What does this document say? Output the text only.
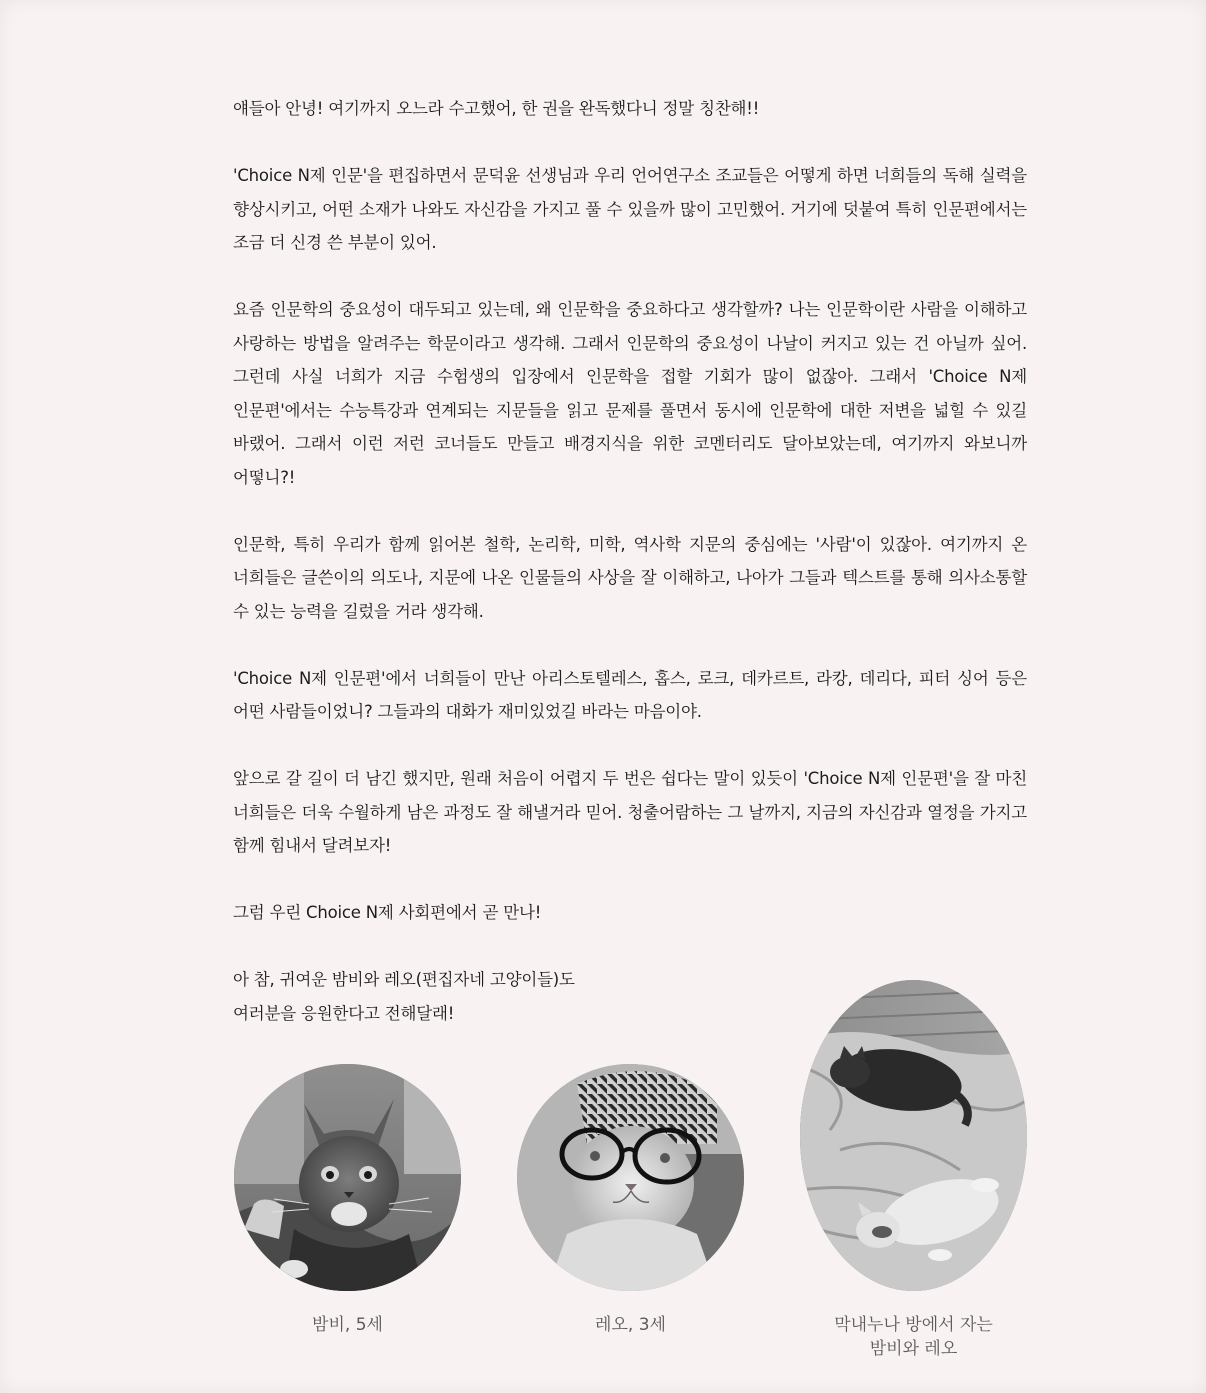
얘들아 안녕! 여기까지 오느라 수고했어, 한 권을 완독했다니 정말 칭찬해!!

'Choice N제 인문'을 편집하면서 문덕윤 선생님과 우리 언어연구소 조교들은 어떻게 하면 너희들의 독해 실력을 향상시키고, 어떤 소재가 나와도 자신감을 가지고 풀 수 있을까 많이 고민했어. 거기에 덧붙여 특히 인문편에서는 조금 더 신경 쓴 부분이 있어.

요즘 인문학의 중요성이 대두되고 있는데, 왜 인문학을 중요하다고 생각할까? 나는 인문학이란 사람을 이해하고 사랑하는 방법을 알려주는 학문이라고 생각해. 그래서 인문학의 중요성이 나날이 커지고 있는 건 아닐까 싶어. 그런데 사실 너희가 지금 수험생의 입장에서 인문학을 접할 기회가 많이 없잖아. 그래서 'Choice N제 인문편'에서는 수능특강과 연계되는 지문들을 읽고 문제를 풀면서 동시에 인문학에 대한 저변을 넓힐 수 있길 바랬어. 그래서 이런 저런 코너들도 만들고 배경지식을 위한 코멘터리도 달아보았는데, 여기까지 와보니까 어떻니?!

인문학, 특히 우리가 함께 읽어본 철학, 논리학, 미학, 역사학 지문의 중심에는 '사람'이 있잖아. 여기까지 온 너희들은 글쓴이의 의도나, 지문에 나온 인물들의 사상을 잘 이해하고, 나아가 그들과 텍스트를 통해 의사소통할 수 있는 능력을 길렀을 거라 생각해.

'Choice N제 인문편'에서 너희들이 만난 아리스토텔레스, 홉스, 로크, 데카르트, 라캉, 데리다, 피터 싱어 등은 어떤 사람들이었니? 그들과의 대화가 재미있었길 바라는 마음이야.

앞으로 갈 길이 더 남긴 했지만, 원래 처음이 어렵지 두 번은 쉽다는 말이 있듯이 'Choice N제 인문편'을 잘 마친 너희들은 더욱 수월하게 남은 과정도 잘 해낼거라 믿어. 청출어람하는 그 날까지, 지금의 자신감과 열정을 가지고 함께 힘내서 달려보자!

그럼 우린 Choice N제 사회편에서 곧 만나!

아 참, 귀여운 밤비와 레오(편집자네 고양이들)도
여러분을 응원한다고 전해달래!

밤비, 5세	레오, 3세	막내누나 방에서 자는
밤비와 레오
